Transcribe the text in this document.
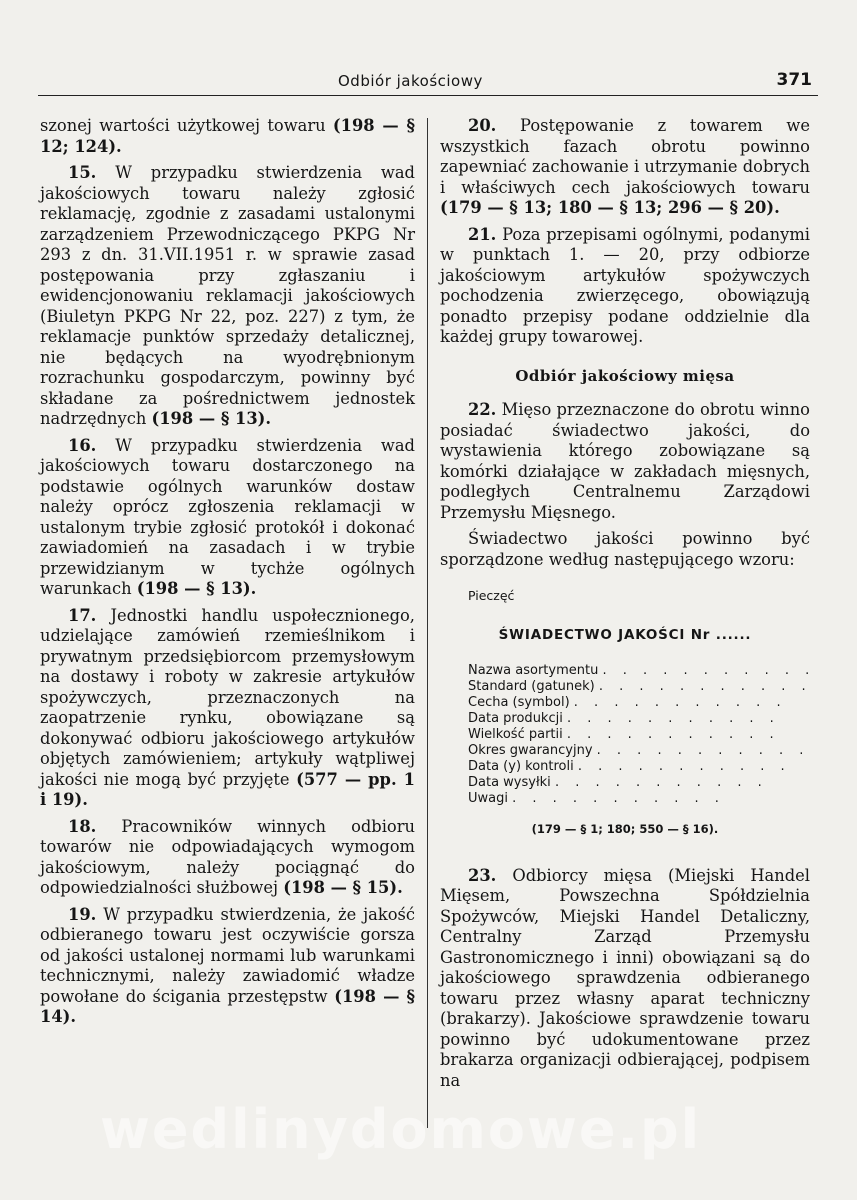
Odbiór jakościowy	371

szonej wartości użytkowej towaru (198 — § 12; 124).

15. W przypadku stwierdzenia wad jakościowych towaru należy zgłosić reklamację, zgodnie z zasadami ustalonymi zarządzeniem Przewodniczącego PKPG Nr 293 z dn. 31.VII.1951 r. w sprawie zasad postępowania przy zgłaszaniu i ewidencjonowaniu reklamacji jakościowych (Biuletyn PKPG Nr 22, poz. 227) z tym, że reklamacje punktów sprzedaży detalicznej, nie będących na wyodrębnionym rozrachunku gospodarczym, powinny być składane za pośrednictwem jednostek nadrzędnych (198 — § 13).

16. W przypadku stwierdzenia wad jakościowych towaru dostarczonego na podstawie ogólnych warunków dostaw należy oprócz zgłoszenia reklamacji w ustalonym trybie zgłosić protokół i dokonać zawiadomień na zasadach i w trybie przewidzianym w tychże ogólnych warunkach (198 — § 13).

17. Jednostki handlu uspołecznionego, udzielające zamówień rzemieślnikom i prywatnym przedsiębiorcom przemysłowym na dostawy i roboty w zakresie artykułów spożywczych, przeznaczonych na zaopatrzenie rynku, obowiązane są dokonywać odbioru jakościowego artykułów objętych zamówieniem; artykuły wątpliwej jakości nie mogą być przyjęte (577 — pp. 1 i 19).

18. Pracowników winnych odbioru towarów nie odpowiadających wymogom jakościowym, należy pociągnąć do odpowiedzialności służbowej (198 — § 15).

19. W przypadku stwierdzenia, że jakość odbieranego towaru jest oczywiście gorsza od jakości ustalonej normami lub warunkami technicznymi, należy zawiadomić władze powołane do ścigania przestępstw (198 — § 14).

20. Postępowanie z towarem we wszystkich fazach obrotu powinno zapewniać zachowanie i utrzymanie dobrych i właściwych cech jakościowych towaru (179 — § 13; 180 — § 13; 296 — § 20).

21. Poza przepisami ogólnymi, podanymi w punktach 1. — 20, przy odbiorze jakościowym artykułów spożywczych pochodzenia zwierzęcego, obowiązują ponadto przepisy podane oddzielnie dla każdej grupy towarowej.

Odbiór jakościowy mięsa

22. Mięso przeznaczone do obrotu winno posiadać świadectwo jakości, do wystawienia którego zobowiązane są komórki działające w zakładach mięsnych, podległych Centralnemu Zarządowi Przemysłu Mięsnego.

Świadectwo jakości powinno być sporządzone według następującego wzoru:

Pieczęć
ŚWIADECTWO JAKOŚCI Nr ......
Nazwa asortymentu . . . . . . . . . . .
Standard (gatunek) . . . . . . . . . . .
Cecha (symbol) . . . . . . . . . . .
Data produkcji . . . . . . . . . . .
Wielkość partii . . . . . . . . . . .
Okres gwarancyjny . . . . . . . . . . .
Data (y) kontroli . . . . . . . . . . .
Data wysyłki . . . . . . . . . . .
Uwagi . . . . . . . . . . .
(179 — § 1; 180; 550 — § 16).

23. Odbiorcy mięsa (Miejski Handel Mięsem, Powszechna Spółdzielnia Spożywców, Miejski Handel Detaliczny, Centralny Zarząd Przemysłu Gastronomicznego i inni) obowiązani są do jakościowego sprawdzenia odbieranego towaru przez własny aparat techniczny (brakarzy). Jakościowe sprawdzenie towaru powinno być udokumentowane przez brakarza organizacji odbierającej, podpisem na

wedlinydomowe.pl
